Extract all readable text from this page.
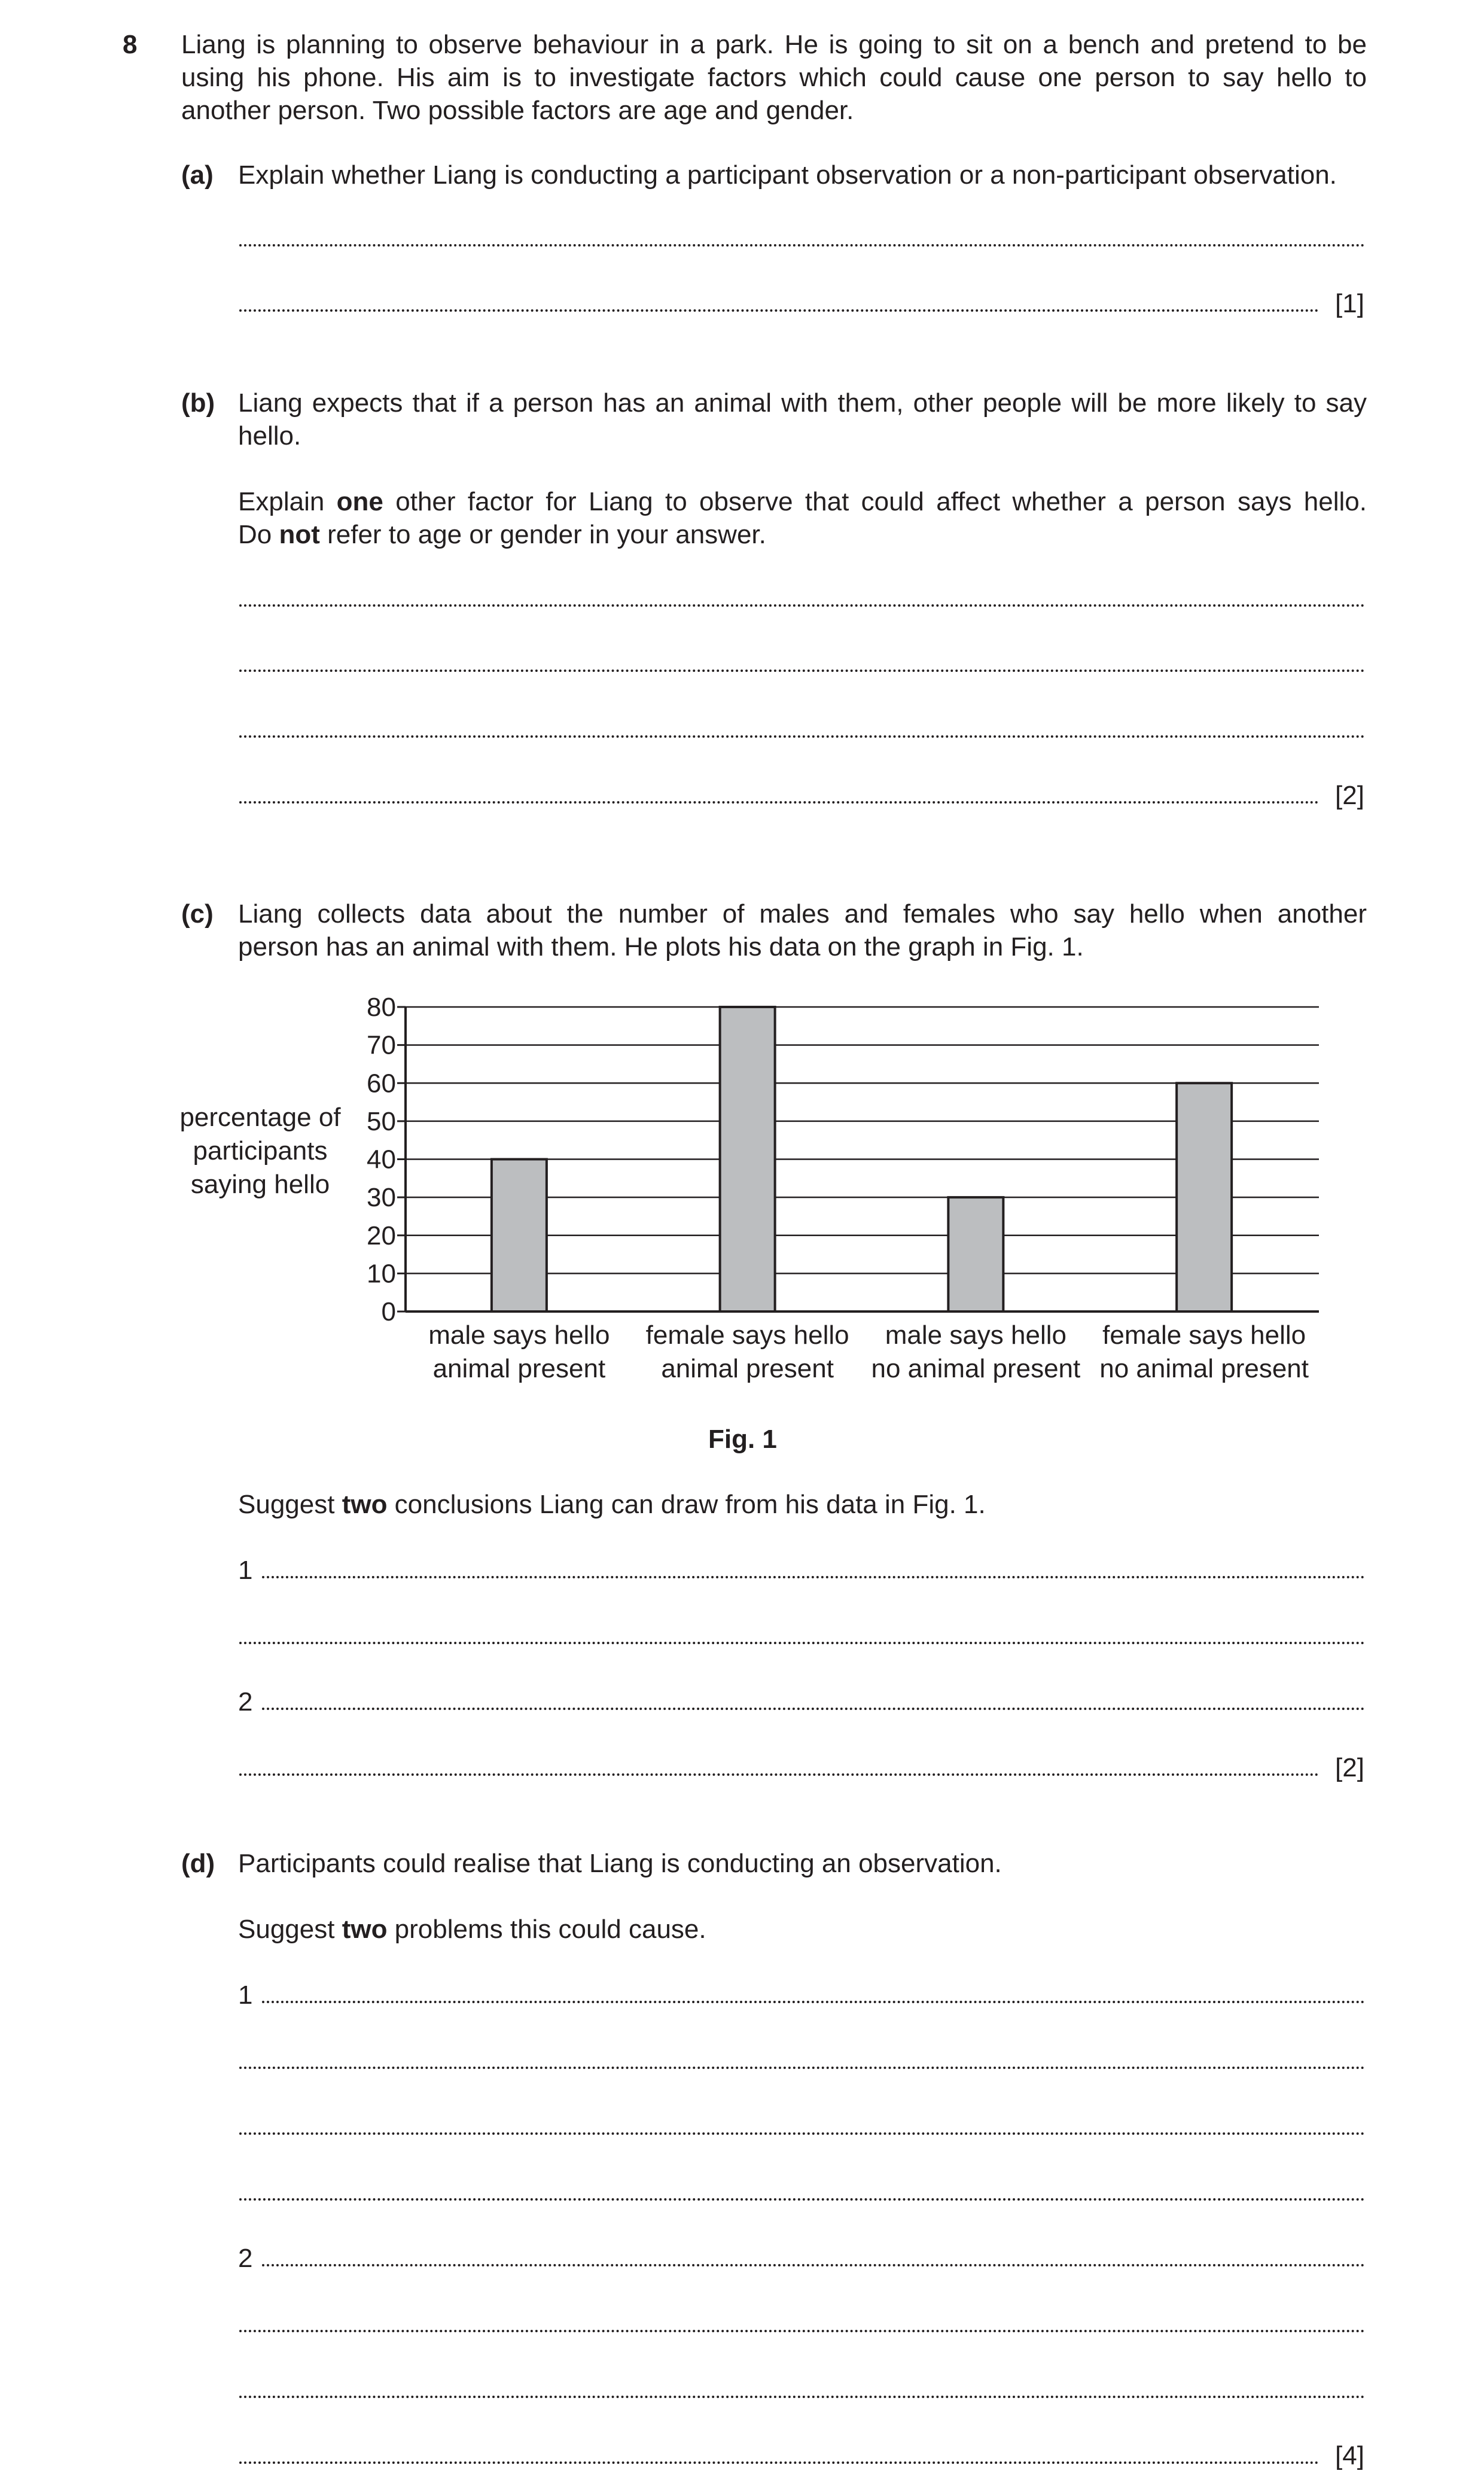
8 Liang is planning to observe behaviour in a park. He is going to sit on a bench and pretend to be
using his phone. His aim is to investigate factors which could cause one person to say hello to
another person. Two possible factors are age and gender.
(a) Explain whether Liang is conducting a participant observation or a non-participant observation.
[1]
(b) Liang expects that if a person has an animal with them, other people will be more likely to say
hello.
Explain one other factor for Liang to observe that could affect whether a person says hello.
Do not refer to age or gender in your answer.
[2]
(c) Liang collects data about the number of males and females who say hello when another
person has an animal with them. He plots his data on the graph in Fig. 1.
percentage of
participants
saying hello
0
10
20
30
40
50
60
70
80
male says hello
animal present
female says hello
animal present
male says hello
no animal present
female says hello
no animal present
Fig. 1
Suggest two conclusions Liang can draw from his data in Fig. 1.
1
2
[2]
(d) Participants could realise that Liang is conducting an observation.
Suggest two problems this could cause.
1
2
[4]
